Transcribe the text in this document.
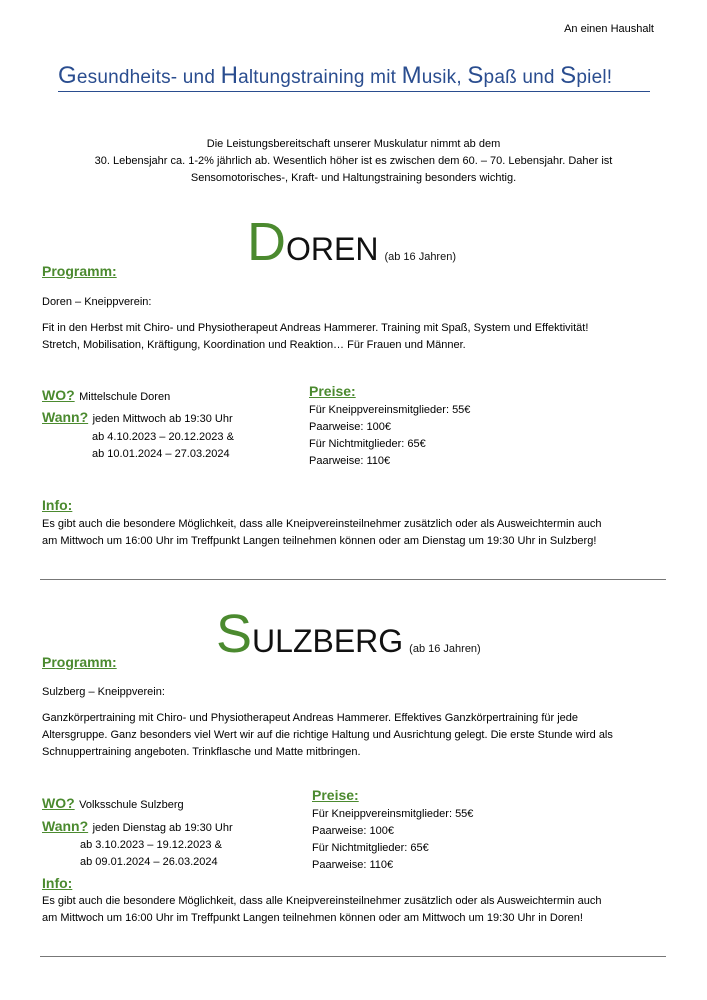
An einen Haushalt
Gesundheits- und Haltungstraining mit Musik, Spaß und Spiel!
Die Leistungsbereitschaft unserer Muskulatur nimmt ab dem
30. Lebensjahr ca. 1-2% jährlich ab. Wesentlich höher ist es zwischen dem 60. – 70. Lebensjahr. Daher ist
Sensomotorisches-, Kraft- und Haltungstraining besonders wichtig.
DOREN (ab 16 Jahren)
Programm:
Doren – Kneippverein:
Fit in den Herbst mit Chiro- und Physiotherapeut Andreas Hammerer. Training mit Spaß, System und Effektivität!
Stretch, Mobilisation, Kräftigung, Koordination und Reaktion… Für Frauen und Männer.
WO? Mittelschule Doren
Wann? jeden Mittwoch ab 19:30 Uhr
ab 4.10.2023 – 20.12.2023 &
ab 10.01.2024 – 27.03.2024
Preise:
Für Kneippvereinsmitglieder: 55€
Paarweise: 100€
Für Nichtmitglieder: 65€
Paarweise: 110€
Info:
Es gibt auch die besondere Möglichkeit, dass alle Kneipvereinsteilnehmer zusätzlich oder als Ausweichtermin auch
am Mittwoch um 16:00 Uhr im Treffpunkt Langen teilnehmen können oder am Dienstag um 19:30 Uhr in Sulzberg!
SULZBERG (ab 16 Jahren)
Programm:
Sulzberg – Kneippverein:
Ganzkörpertraining mit Chiro- und Physiotherapeut Andreas Hammerer. Effektives Ganzkörpertraining für jede
Altersgruppe. Ganz besonders viel Wert wir auf die richtige Haltung und Ausrichtung gelegt. Die erste Stunde wird als
Schnuppertraining angeboten. Trinkflasche und Matte mitbringen.
WO? Volksschule Sulzberg
Wann? jeden Dienstag ab 19:30 Uhr
ab 3.10.2023 – 19.12.2023 &
ab 09.01.2024 – 26.03.2024
Preise:
Für Kneippvereinsmitglieder: 55€
Paarweise: 100€
Für Nichtmitglieder: 65€
Paarweise: 110€
Info:
Es gibt auch die besondere Möglichkeit, dass alle Kneipvereinsteilnehmer zusätzlich oder als Ausweichtermin auch
am Mittwoch um 16:00 Uhr im Treffpunkt Langen teilnehmen können oder am Mittwoch um 19:30 Uhr in Doren!
